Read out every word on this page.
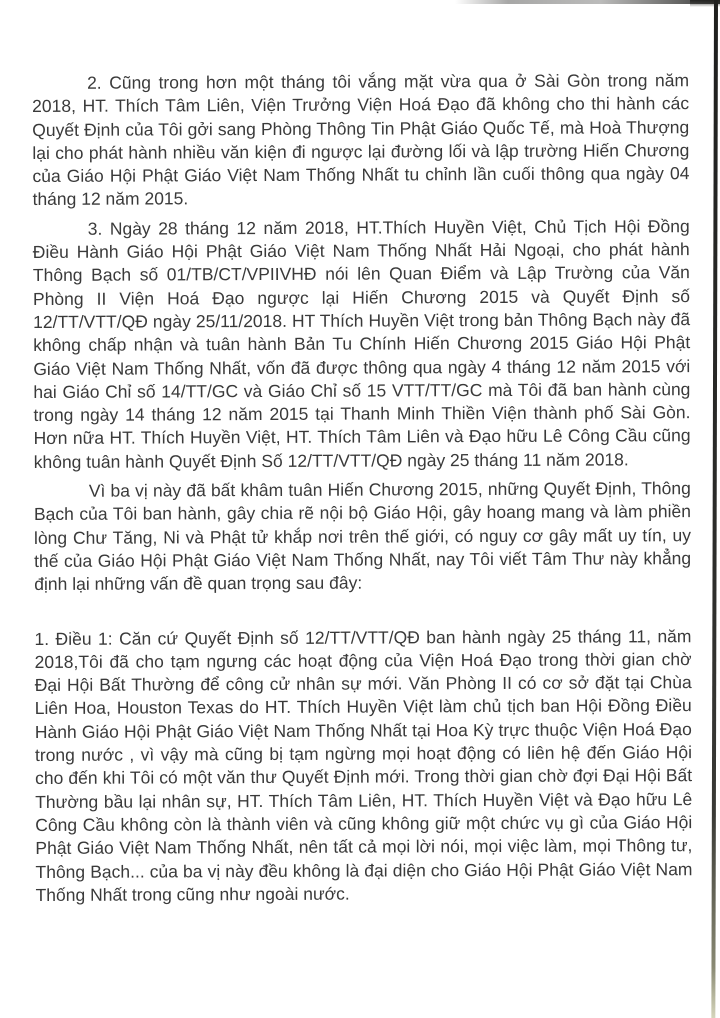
2. Cũng trong hơn một tháng tôi vắng mặt vừa qua ở Sài Gòn trong năm 2018, HT. Thích Tâm Liên, Viện Trưởng Viện Hoá Đạo đã không cho thi hành các Quyết Định của Tôi gởi sang Phòng Thông Tin Phật Giáo Quốc Tế, mà Hoà Thượng lại cho phát hành nhiều văn kiện đi ngược lại đường lối và lập trường Hiến Chương của Giáo Hội Phật Giáo Việt Nam Thống Nhất tu chỉnh lần cuối thông qua ngày 04 tháng 12 năm 2015.

3. Ngày 28 tháng 12 năm 2018, HT.Thích Huyền Việt, Chủ Tịch Hội Đồng Điều Hành Giáo Hội Phật Giáo Việt Nam Thống Nhất Hải Ngoại, cho phát hành Thông Bạch số 01/TB/CT/VPIIVHĐ nói lên Quan Điểm và Lập Trường của Văn Phòng II Viện Hoá Đạo ngược lại Hiến Chương 2015 và Quyết Định số 12/TT/VTT/QĐ ngày 25/11/2018. HT Thích Huyền Việt trong bản Thông Bạch này đã không chấp nhận và tuân hành Bản Tu Chính Hiến Chương 2015 Giáo Hội Phật Giáo Việt Nam Thống Nhất, vốn đã được thông qua ngày 4 tháng 12 năm 2015 với hai Giáo Chỉ số 14/TT/GC và Giáo Chỉ số 15 VTT/TT/GC mà Tôi đã ban hành cùng trong ngày 14 tháng 12 năm 2015 tại Thanh Minh Thiền Viện thành phố Sài Gòn. Hơn nữa HT. Thích Huyền Việt, HT. Thích Tâm Liên và Đạo hữu Lê Công Cầu cũng không tuân hành Quyết Định Số 12/TT/VTT/QĐ ngày 25 tháng 11 năm 2018.

Vì ba vị này đã bất khâm tuân Hiến Chương 2015, những Quyết Định, Thông Bạch của Tôi ban hành, gây chia rẽ nội bộ Giáo Hội, gây hoang mang và làm phiền lòng Chư Tăng, Ni và Phật tử khắp nơi trên thế giới, có nguy cơ gây mất uy tín, uy thế của Giáo Hội Phật Giáo Việt Nam Thống Nhất, nay Tôi viết Tâm Thư này khẳng định lại những vấn đề quan trọng sau đây:

1. Điều 1: Căn cứ Quyết Định số 12/TT/VTT/QĐ ban hành ngày 25 tháng 11, năm 2018,Tôi đã cho tạm ngưng các hoạt động của Viện Hoá Đạo trong thời gian chờ Đại Hội Bất Thường để công cử nhân sự mới. Văn Phòng II có cơ sở đặt tại Chùa Liên Hoa, Houston Texas do HT. Thích Huyền Việt làm chủ tịch ban Hội Đồng Điều Hành Giáo Hội Phật Giáo Việt Nam Thống Nhất tại Hoa Kỳ trực thuộc Viện Hoá Đạo trong nước , vì vậy mà cũng bị tạm ngừng mọi hoạt động có liên hệ đến Giáo Hội cho đến khi Tôi có một văn thư Quyết Định mới. Trong thời gian chờ đợi Đại Hội Bất Thường bầu lại nhân sự, HT. Thích Tâm Liên, HT. Thích Huyền Việt và Đạo hữu Lê Công Cầu không còn là thành viên và cũng không giữ một chức vụ gì của Giáo Hội Phật Giáo Việt Nam Thống Nhất, nên tất cả mọi lời nói, mọi việc làm, mọi Thông tư, Thông Bạch... của ba vị này đều không là đại diện cho Giáo Hội Phật Giáo Việt Nam Thống Nhất trong cũng như ngoài nước.
